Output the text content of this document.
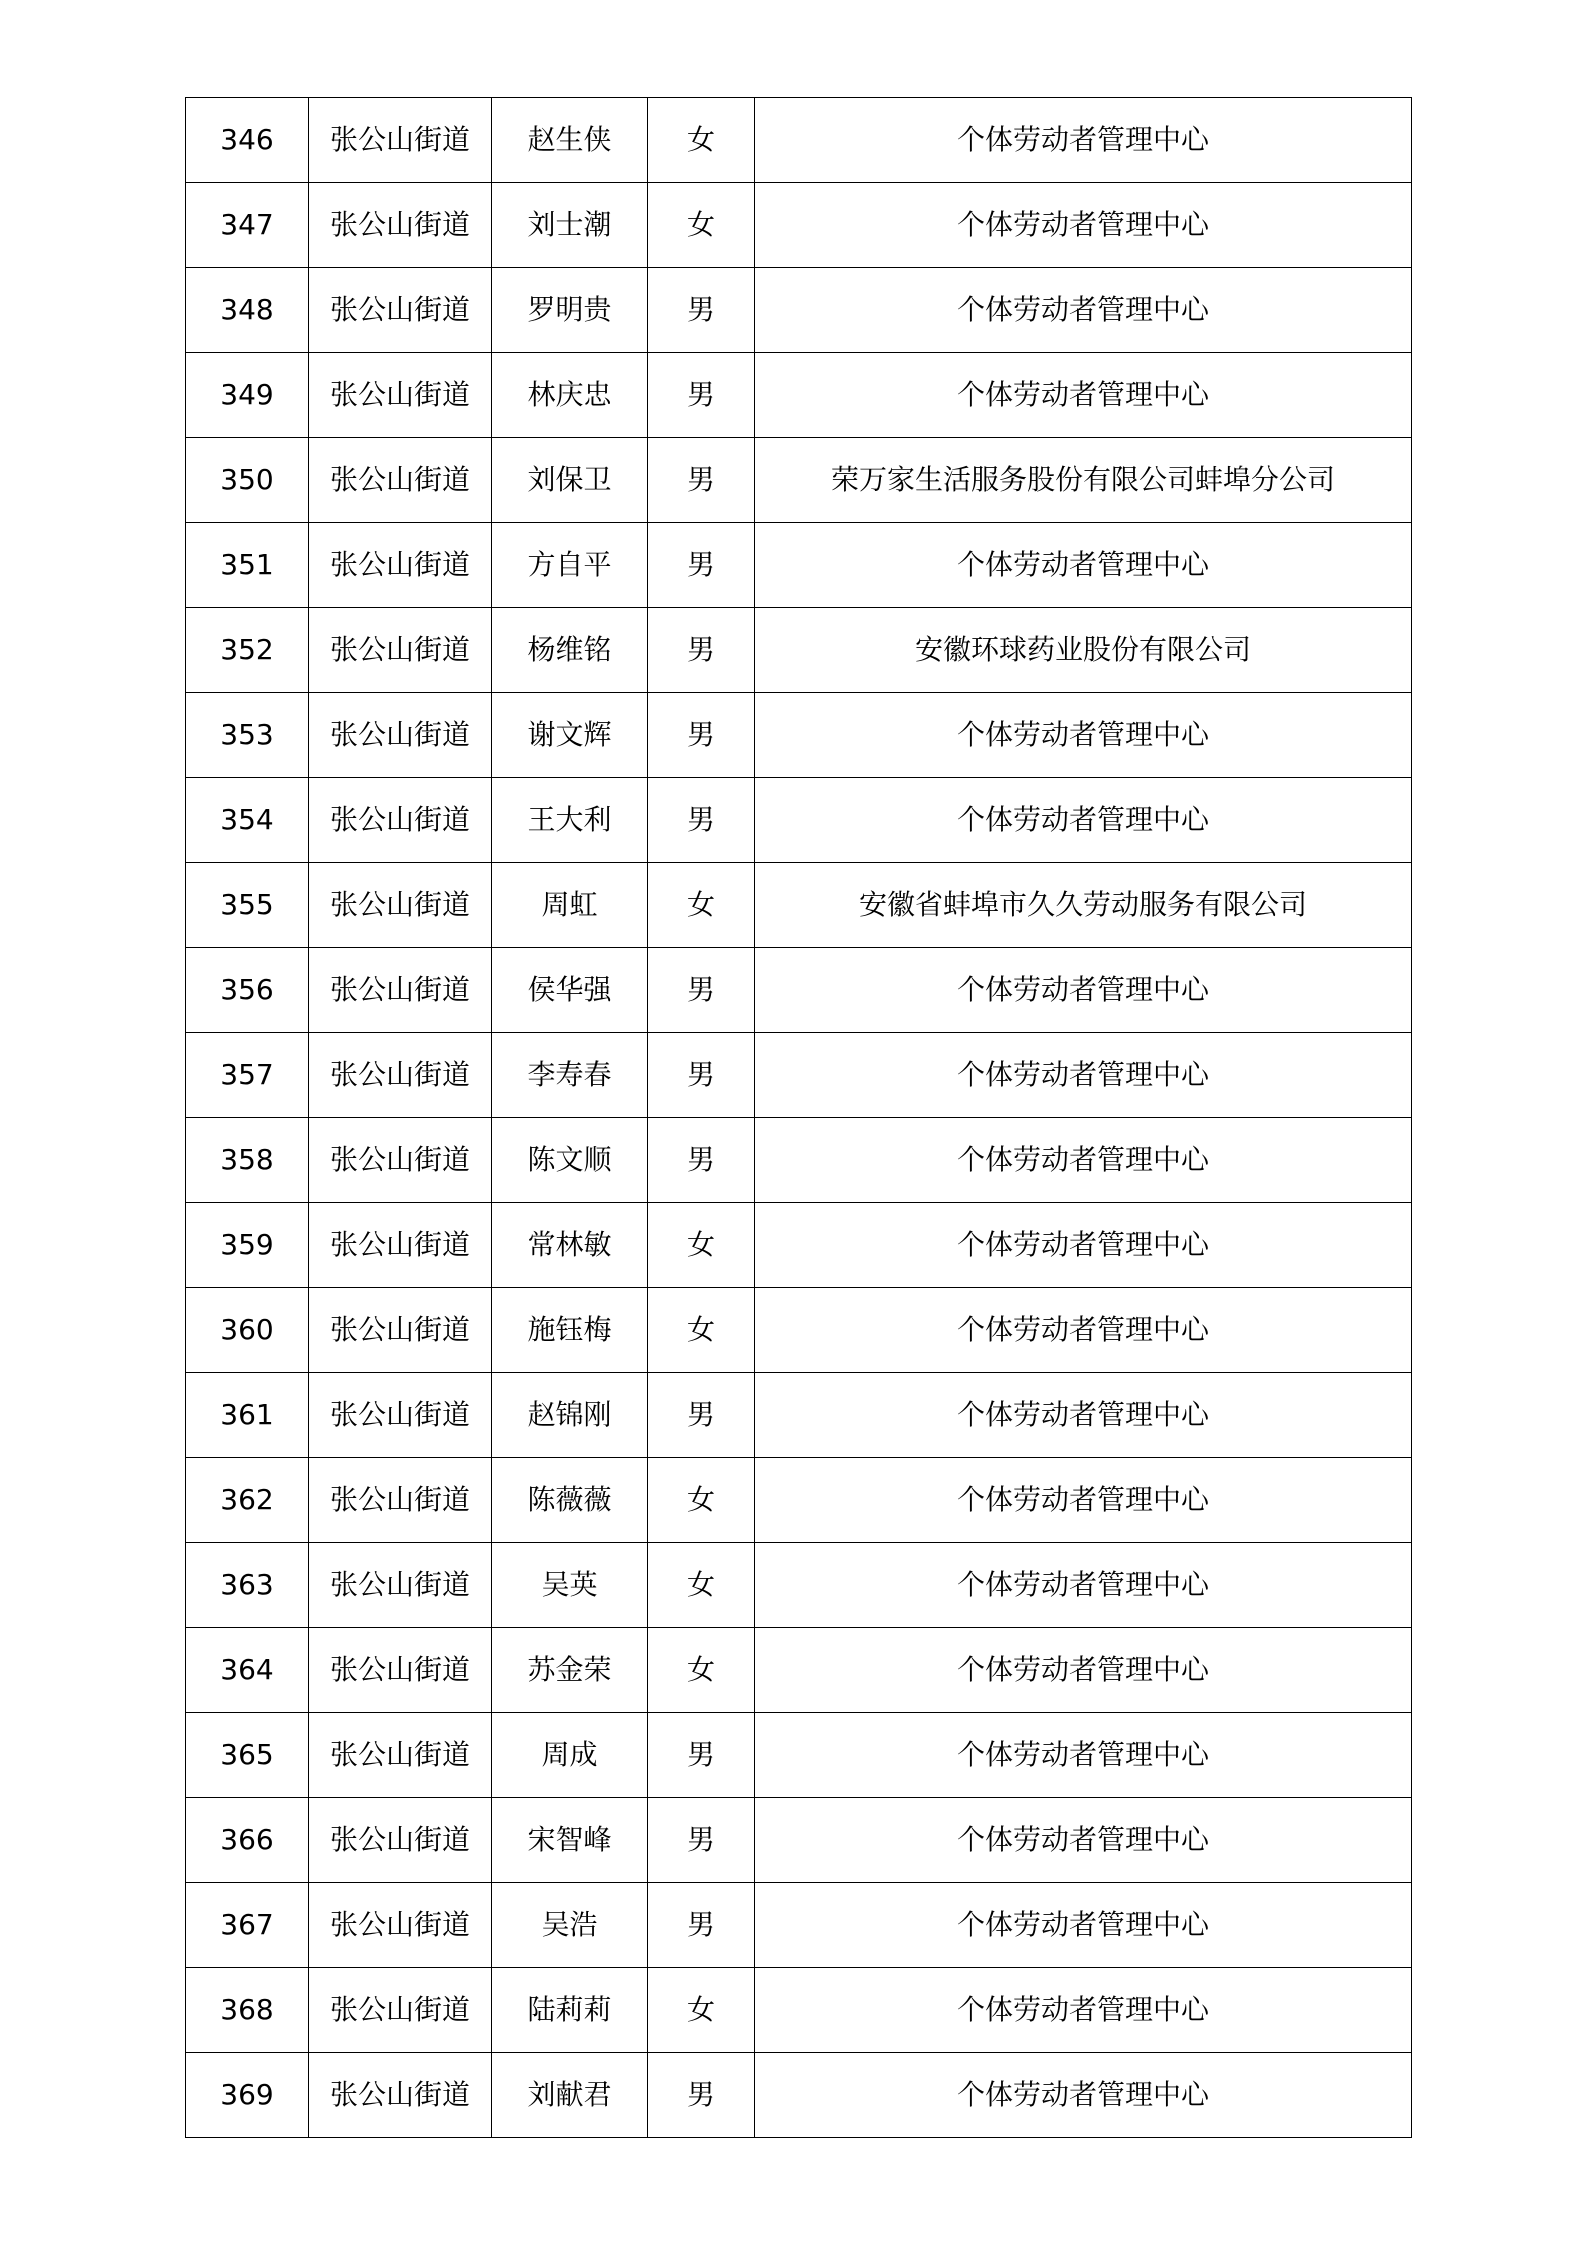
346	张公山街道	赵生侠	女	个体劳动者管理中心
347	张公山街道	刘士潮	女	个体劳动者管理中心
348	张公山街道	罗明贵	男	个体劳动者管理中心
349	张公山街道	林庆忠	男	个体劳动者管理中心
350	张公山街道	刘保卫	男	荣万家生活服务股份有限公司蚌埠分公司
351	张公山街道	方自平	男	个体劳动者管理中心
352	张公山街道	杨维铭	男	安徽环球药业股份有限公司
353	张公山街道	谢文辉	男	个体劳动者管理中心
354	张公山街道	王大利	男	个体劳动者管理中心
355	张公山街道	周虹	女	安徽省蚌埠市久久劳动服务有限公司
356	张公山街道	侯华强	男	个体劳动者管理中心
357	张公山街道	李寿春	男	个体劳动者管理中心
358	张公山街道	陈文顺	男	个体劳动者管理中心
359	张公山街道	常林敏	女	个体劳动者管理中心
360	张公山街道	施钰梅	女	个体劳动者管理中心
361	张公山街道	赵锦刚	男	个体劳动者管理中心
362	张公山街道	陈薇薇	女	个体劳动者管理中心
363	张公山街道	吴英	女	个体劳动者管理中心
364	张公山街道	苏金荣	女	个体劳动者管理中心
365	张公山街道	周成	男	个体劳动者管理中心
366	张公山街道	宋智峰	男	个体劳动者管理中心
367	张公山街道	吴浩	男	个体劳动者管理中心
368	张公山街道	陆莉莉	女	个体劳动者管理中心
369	张公山街道	刘献君	男	个体劳动者管理中心
